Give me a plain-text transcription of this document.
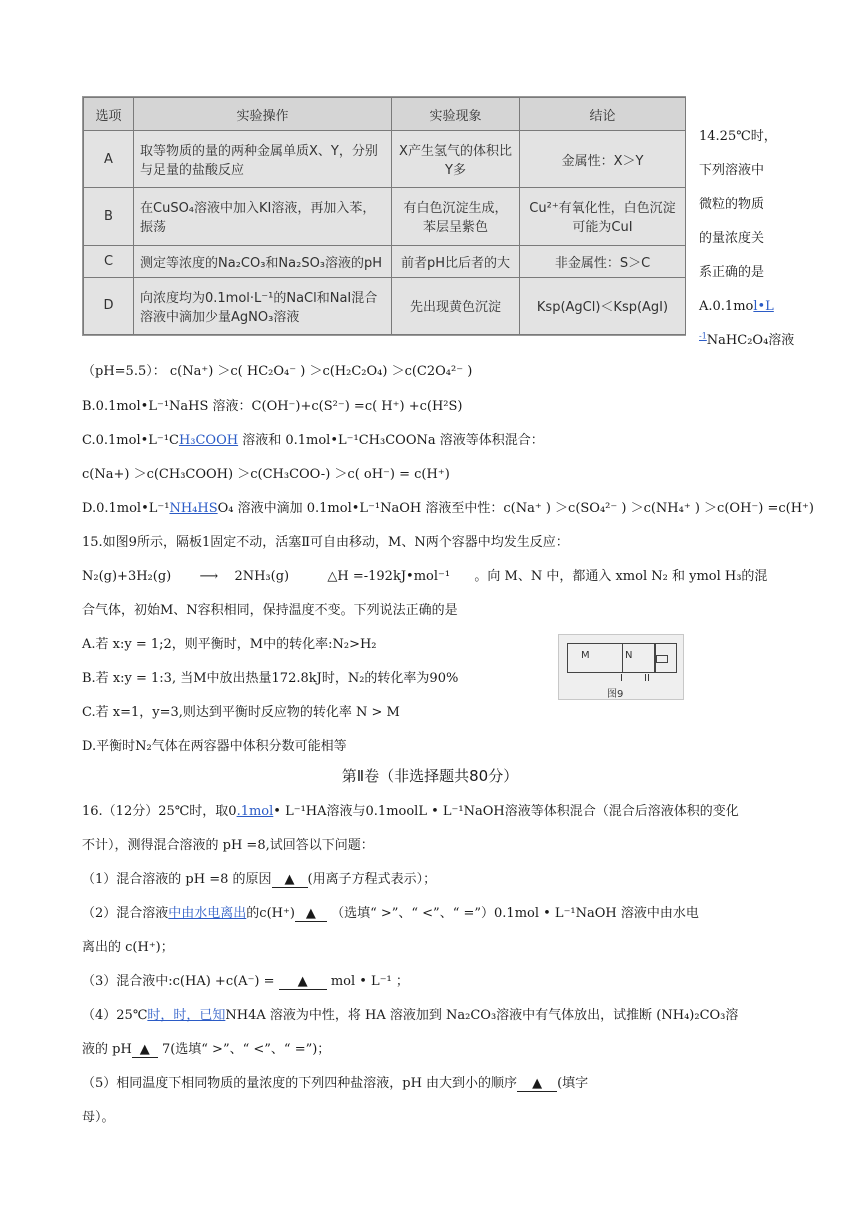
选项	实验操作	实验现象	结论
A	取等物质的量的两种金属单质X、Y，分别与足量的盐酸反应	X产生氢气的体积比Y多	金属性：X＞Y
B	在CuSO₄溶液中加入KI溶液，再加入苯，振荡	有白色沉淀生成，苯层呈紫色	Cu²⁺有氧化性，白色沉淀可能为CuI
C	测定等浓度的Na₂CO₃和Na₂SO₃溶液的pH	前者pH比后者的大	非金属性：S＞C
D	向浓度均为0.1mol·L⁻¹的NaCl和NaI混合溶液中滴加少量AgNO₃溶液	先出现黄色沉淀	Ksp(AgCl)＜Ksp(AgI)
14.25℃时，
下列溶液中
微粒的物质
的量浓度关
系正确的是
A.0.1mol•L
$^{-1}$NaHC₂O₄溶液
（pH=5.5）： c(Na⁺) ＞c( HC₂O₄⁻ ) ＞c(H₂C₂O₄) ＞c(C2O₄²⁻ )
B.0.1mol•L⁻¹NaHS 溶液：C(OH⁻)+c(S²⁻) =c( H⁺) +c(H²S)
C.0.1mol•L⁻¹CH₃COOH 溶液和 0.1mol•L⁻¹CH₃COONa 溶液等体积混合：
c(Na+) ＞c(CH₃COOH) ＞c(CH₃COO-) ＞c( oH⁻) = c(H⁺)
D.0.1mol•L⁻¹NH₄HSO₄ 溶液中滴加 0.1mol•L⁻¹NaOH 溶液至中性：c(Na⁺ ) ＞c(SO₄²⁻ ) ＞c(NH₄⁺ ) ＞c(OH⁻) =c(H⁺)
15.如图9所示，隔板1固定不动，活塞Ⅱ可自由移动，M、N两个容器中均发生反应：
N₂(g)+3H₂(g) ⟶ 2NH₃(g)	△H =-192kJ•mol⁻¹ 。向 M、N 中，都通入 xmol N₂ 和 ymol H₃的混
合气体，初始M、N容积相同，保持温度不变。下列说法正确的是
A.若 x:y = 1;2，则平衡时，M中的转化率:N₂>H₂
B.若 x:y = 1:3, 当M中放出热量172.8kJ时，N₂的转化率为90%
C.若 x=1，y=3,则达到平衡时反应物的转化率 N > M
D.平衡时N₂气体在两容器中体积分数可能相等
M	N
I II
图9
第Ⅱ卷（非选择题共80分）
16.（12分）25℃时，取0.1mol• L⁻¹HA溶液与0.1moolL • L⁻¹NaOH溶液等体积混合（混合后溶液体积的变化
不计），测得混合溶液的 pH =8,试回答以下问题：
（1）混合溶液的 pH =8 的原因 ▲ (用离子方程式表示）；
（2）混合溶液中由水电离出的c(H⁺) ▲ （选填“ >”、“ <”、“ =”）0.1mol • L⁻¹NaOH 溶液中由水电
离出的 c(H⁺)；
（3）混合液中:c(HA) +c(A⁻) = ▲ mol • L⁻¹ ；
（4）25℃时，时，已知NH4A 溶液为中性，将 HA 溶液加到 Na₂CO₃溶液中有气体放出，试推断 (NH₄)₂CO₃溶
液的 pH ▲ 7(选填“ >”、“ <”、“ =”)；
（5）相同温度下相同物质的量浓度的下列四种盐溶液，pH 由大到小的顺序 ▲ (填字
母）。
